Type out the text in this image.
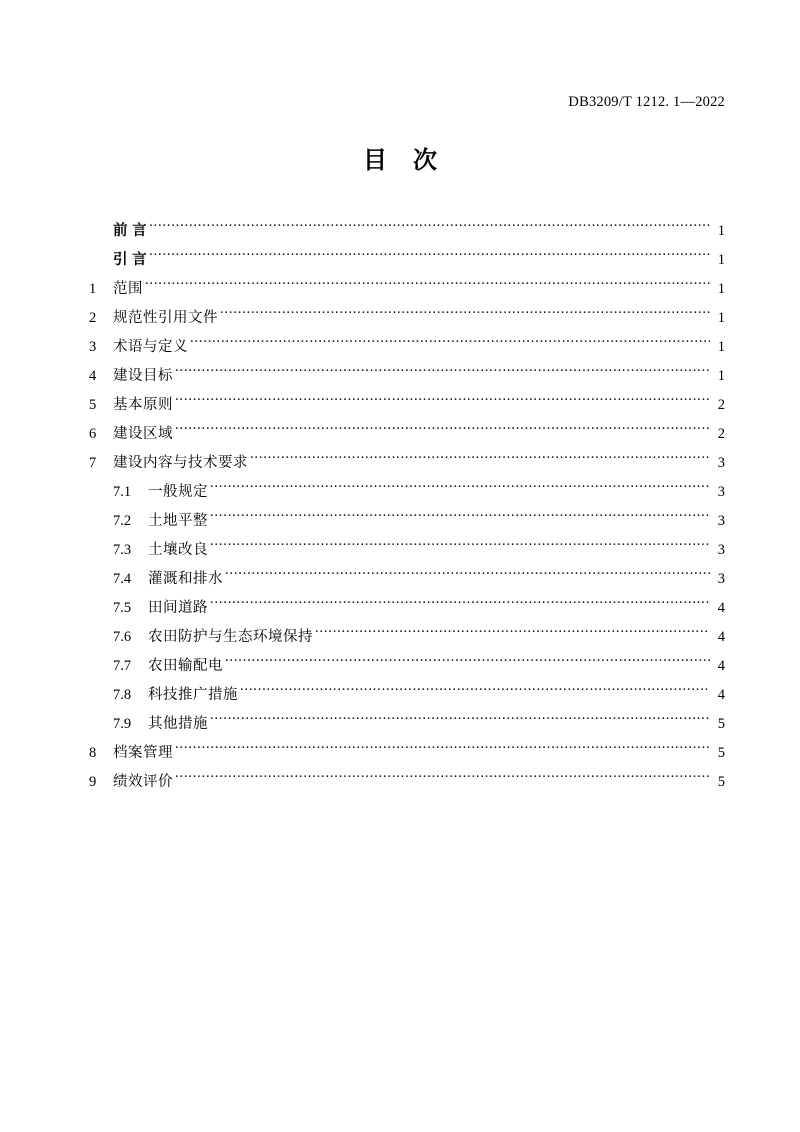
DB3209/T 1212. 1—2022
目 次
前 言 .....	1
引 言 .....	1
1	范围 .....	1
2	规范性引用文件 .....	1
3	术语与定义 .....	1
4	建设目标 .....	1
5	基本原则 .....	2
6	建设区域 .....	2
7	建设内容与技术要求 .....	3
7.1	一般规定 .....	3
7.2	土地平整 .....	3
7.3	土壤改良 .....	3
7.4	灌溉和排水 .....	3
7.5	田间道路 .....	4
7.6	农田防护与生态环境保持 .....	4
7.7	农田输配电 .....	4
7.8	科技推广措施 .....	4
7.9	其他措施 .....	5
8	档案管理 .....	5
9	绩效评价 .....	5
